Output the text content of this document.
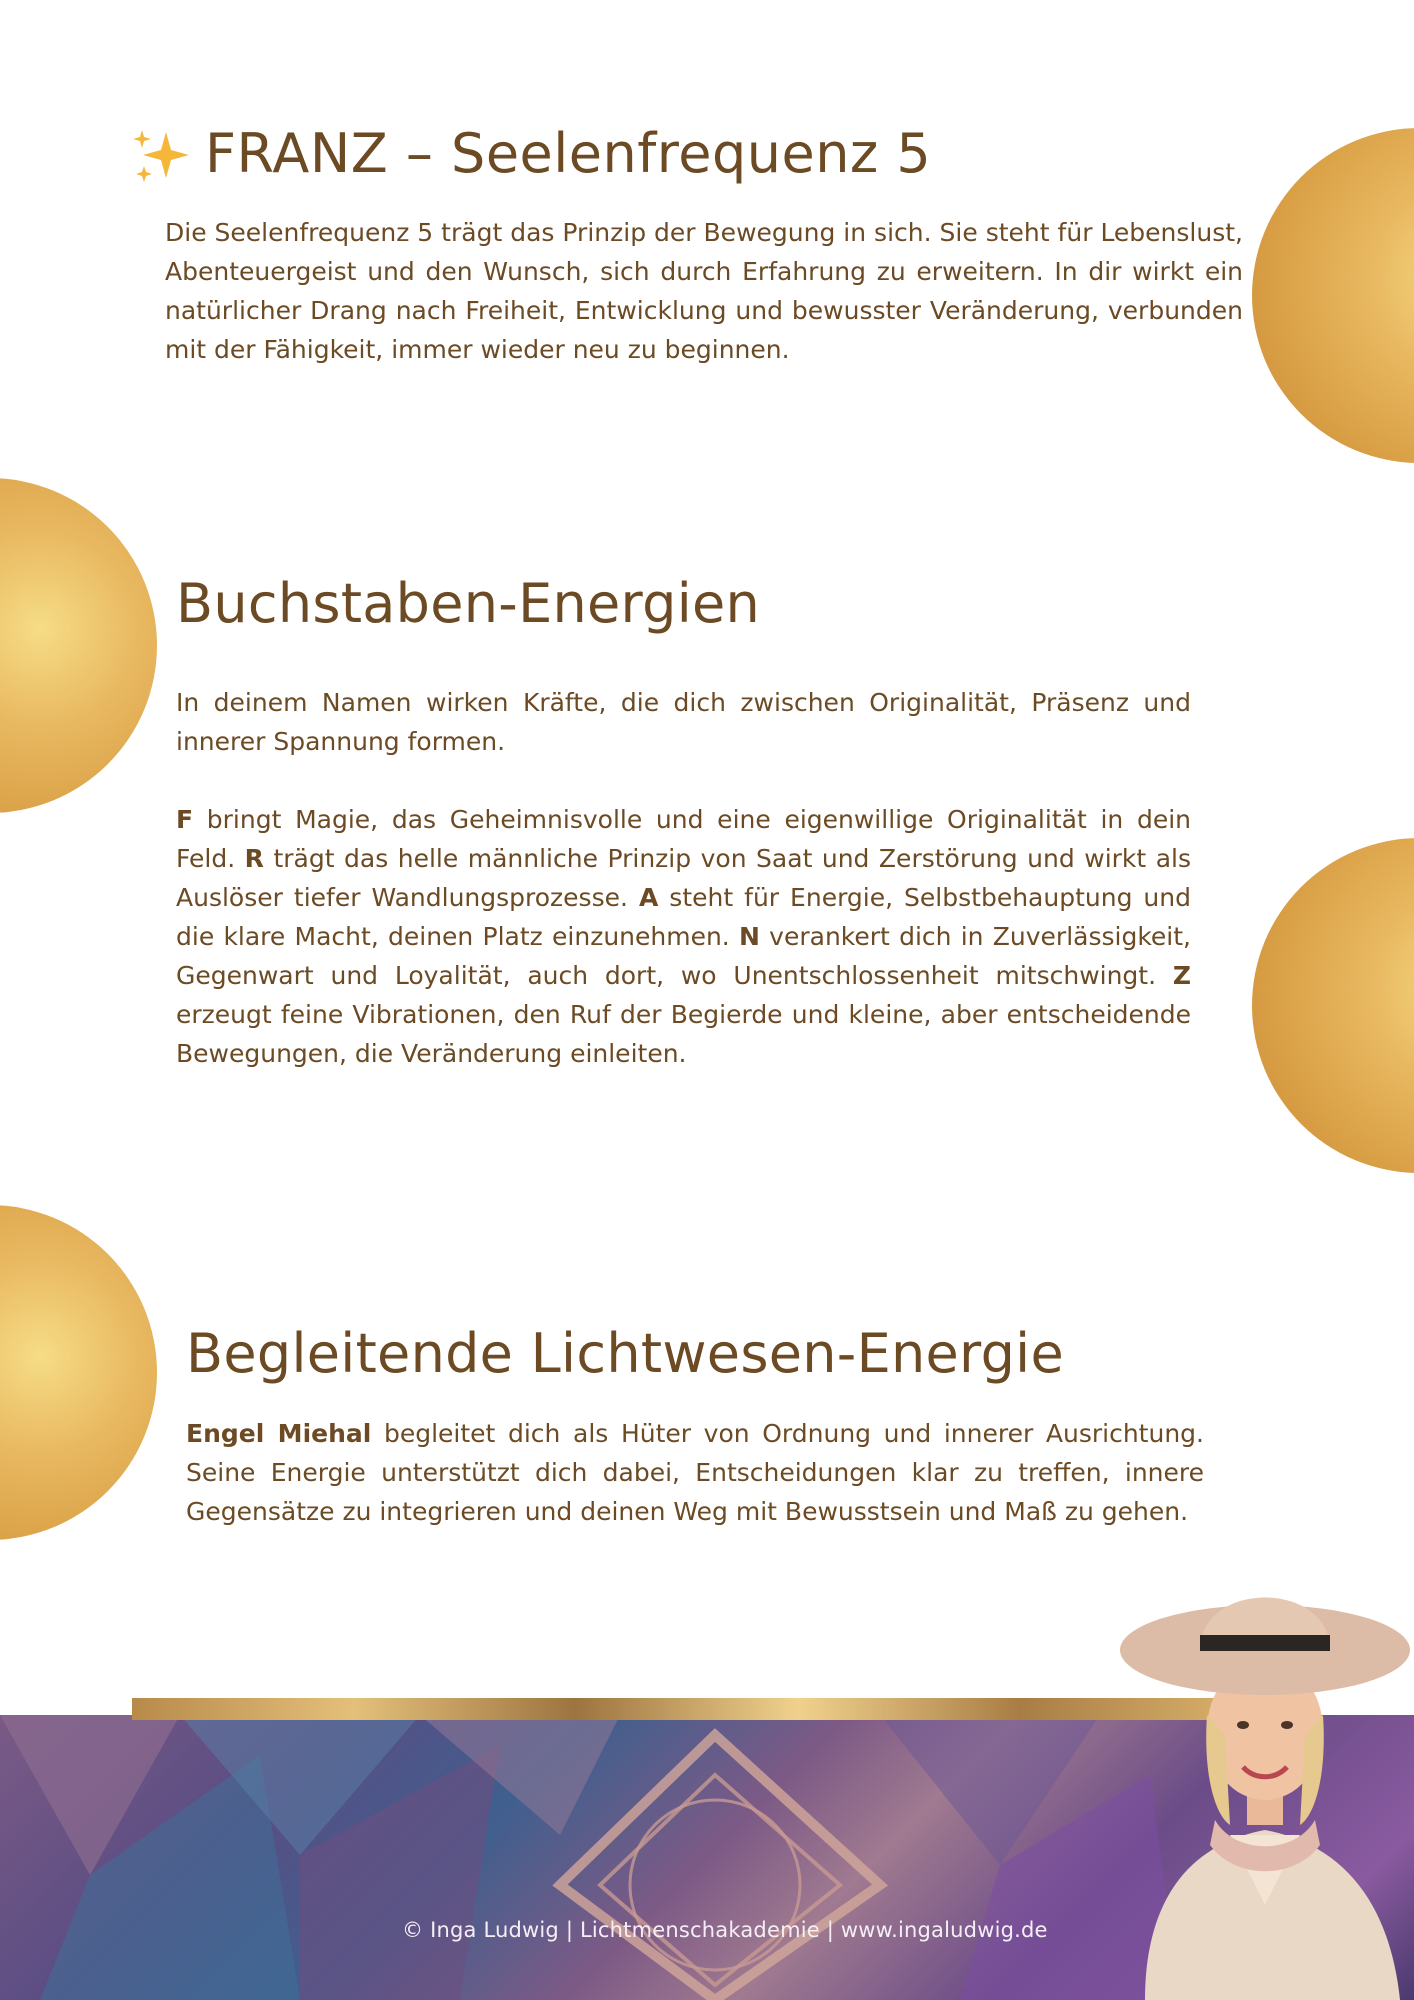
FRANZ – Seelenfrequenz 5

Die Seelenfrequenz 5 trägt das Prinzip der Bewegung in sich. Sie steht für Lebenslust, Abenteuergeist und den Wunsch, sich durch Erfahrung zu erweitern. In dir wirkt ein natürlicher Drang nach Freiheit, Entwicklung und bewusster Veränderung, verbunden mit der Fähigkeit, immer wieder neu zu beginnen.

Buchstaben-Energien

In deinem Namen wirken Kräfte, die dich zwischen Originalität, Präsenz und innerer Spannung formen.

F bringt Magie, das Geheimnisvolle und eine eigenwillige Originalität in dein Feld. R trägt das helle männliche Prinzip von Saat und Zerstörung und wirkt als Auslöser tiefer Wandlungsprozesse. A steht für Energie, Selbstbehauptung und die klare Macht, deinen Platz einzunehmen. N verankert dich in Zuverlässigkeit, Gegenwart und Loyalität, auch dort, wo Unentschlossenheit mitschwingt. Z erzeugt feine Vibrationen, den Ruf der Begierde und kleine, aber entscheidende Bewegungen, die Veränderung einleiten.

Begleitende Lichtwesen-Energie

Engel Miehal begleitet dich als Hüter von Ordnung und innerer Ausrichtung. Seine Energie unterstützt dich dabei, Entscheidungen klar zu treffen, innere Gegensätze zu integrieren und deinen Weg mit Bewusstsein und Maß zu gehen.

© Inga Ludwig | Lichtmenschakademie | www.ingaludwig.de
